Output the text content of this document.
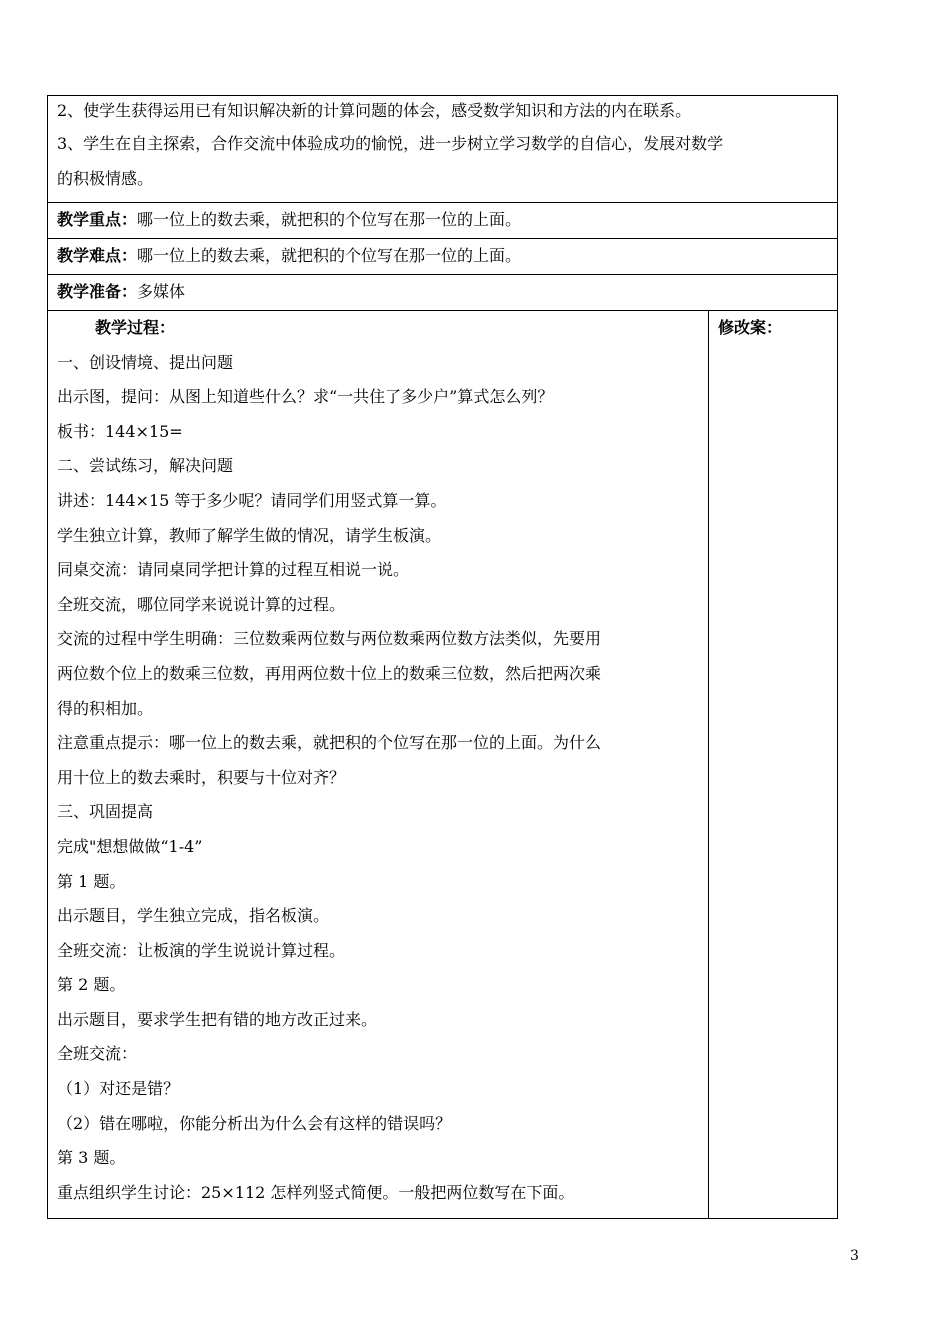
2、使学生获得运用已有知识解决新的计算问题的体会，感受数学知识和方法的内在联系。
3、学生在自主探索，合作交流中体验成功的愉悦，进一步树立学习数学的自信心，发展对数学
的积极情感。
教学重点：哪一位上的数去乘，就把积的个位写在那一位的上面。
教学难点：哪一位上的数去乘，就把积的个位写在那一位的上面。
教学准备：多媒体
教学过程：
一、创设情境、提出问题
出示图，提问：从图上知道些什么？求“一共住了多少户”算式怎么列？
板书：144×15=
二、尝试练习，解决问题
讲述：144×15 等于多少呢？请同学们用竖式算一算。
学生独立计算，教师了解学生做的情况，请学生板演。
同桌交流：请同桌同学把计算的过程互相说一说。
全班交流，哪位同学来说说计算的过程。
交流的过程中学生明确：三位数乘两位数与两位数乘两位数方法类似，先要用
两位数个位上的数乘三位数，再用两位数十位上的数乘三位数，然后把两次乘
得的积相加。
注意重点提示：哪一位上的数去乘，就把积的个位写在那一位的上面。为什么
用十位上的数去乘时，积要与十位对齐？
三、巩固提高
完成"想想做做“1-4”
第 1 题。
出示题目，学生独立完成，指名板演。
全班交流：让板演的学生说说计算过程。
第 2 题。
出示题目，要求学生把有错的地方改正过来。
全班交流：
（1）对还是错？
（2）错在哪啦，你能分析出为什么会有这样的错误吗？
第 3 题。
重点组织学生讨论：25×112 怎样列竖式简便。一般把两位数写在下面。
修改案：
3
